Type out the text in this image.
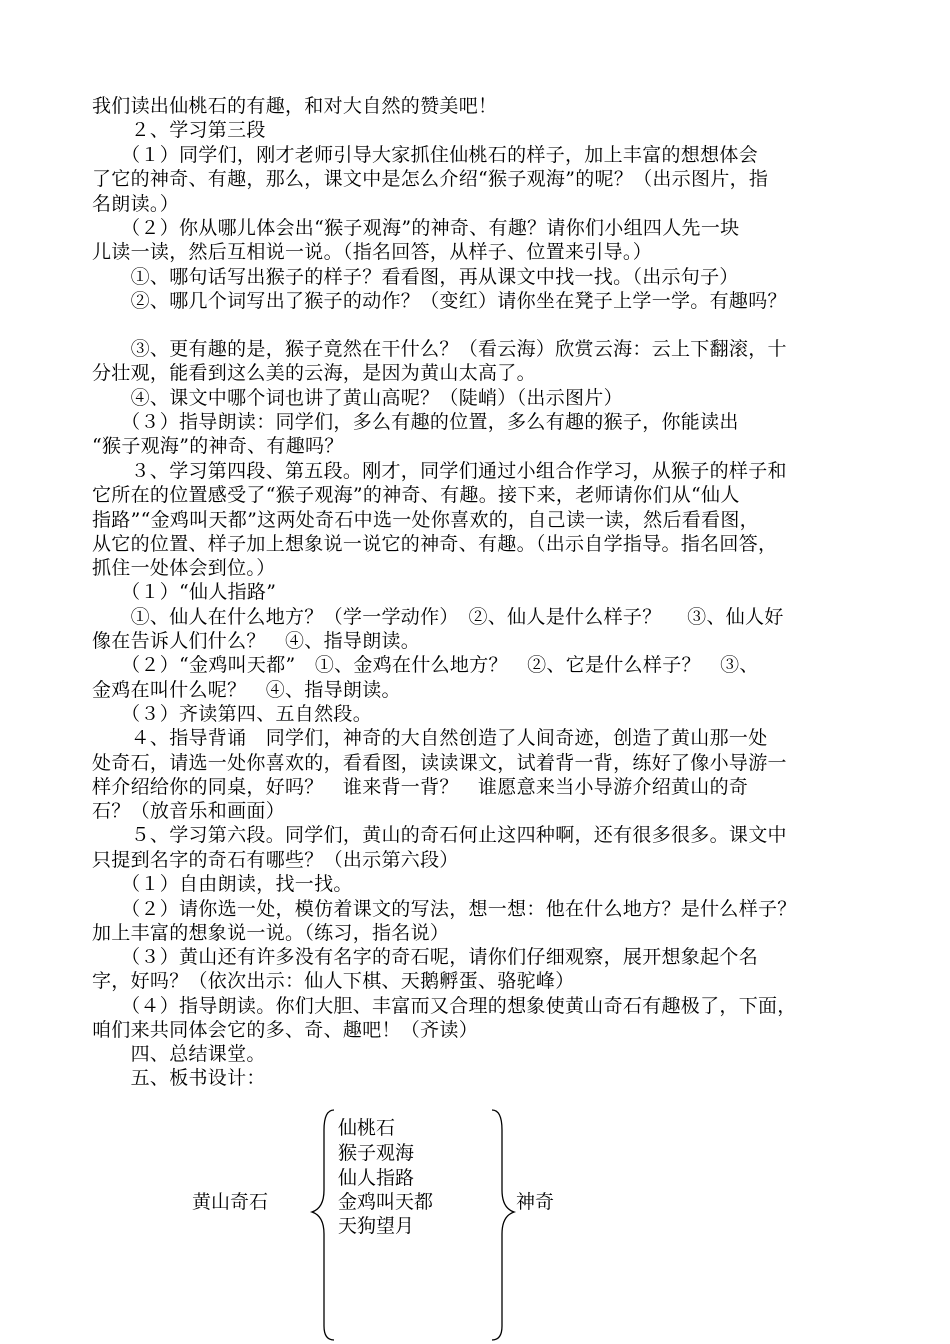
我们读出仙桃石的有趣，和对大自然的赞美吧！
　　２、学习第三段
　　（１）同学们，刚才老师引导大家抓住仙桃石的样子，加上丰富的想想体会
了它的神奇、有趣，那么，课文中是怎么介绍“猴子观海”的呢？（出示图片，指
名朗读。）
　　（２）你从哪儿体会出“猴子观海”的神奇、有趣？请你们小组四人先一块
儿读一读，然后互相说一说。（指名回答，从样子、位置来引导。）
　　①、哪句话写出猴子的样子？看看图，再从课文中找一找。（出示句子）
　　②、哪几个词写出了猴子的动作？（变红）请你坐在凳子上学一学。有趣吗？
　　③、更有趣的是，猴子竟然在干什么？（看云海）欣赏云海：云上下翻滚，十
分壮观，能看到这么美的云海，是因为黄山太高了。
　　④、课文中哪个词也讲了黄山高呢？（陡峭）（出示图片）
　　（３）指导朗读：同学们，多么有趣的位置，多么有趣的猴子，你能读出
“猴子观海”的神奇、有趣吗？
　　３、学习第四段、第五段。刚才，同学们通过小组合作学习，从猴子的样子和
它所在的位置感受了“猴子观海”的神奇、有趣。接下来，老师请你们从“仙人
指路”“金鸡叫天都”这两处奇石中选一处你喜欢的，自己读一读，然后看看图，
从它的位置、样子加上想象说一说它的神奇、有趣。（出示自学指导。指名回答，
抓住一处体会到位。）
　　（１）“仙人指路”
　　①、仙人在什么地方？（学一学动作）　②、仙人是什么样子？　 ③、仙人好
像在告诉人们什么？　④、指导朗读。
　　（２）“金鸡叫天都”　①、金鸡在什么地方？　②、它是什么样子？　③、
金鸡在叫什么呢？　④、指导朗读。
　　（３）齐读第四、五自然段。
　　４、指导背诵　同学们，神奇的大自然创造了人间奇迹，创造了黄山那一处
处奇石，请选一处你喜欢的，看看图，读读课文，试着背一背，练好了像小导游一
样介绍给你的同桌，好吗？　谁来背一背？　谁愿意来当小导游介绍黄山的奇
石？（放音乐和画面）
　　５、学习第六段。同学们，黄山的奇石何止这四种啊，还有很多很多。课文中
只提到名字的奇石有哪些？（出示第六段）
　　（１）自由朗读，找一找。
　　（２）请你选一处，模仿着课文的写法，想一想：他在什么地方？是什么样子？
加上丰富的想象说一说。（练习，指名说）
　　（３）黄山还有许多没有名字的奇石呢，请你们仔细观察，展开想象起个名
字，好吗？（依次出示：仙人下棋、天鹅孵蛋、骆驼峰）
　　（４）指导朗读。你们大胆、丰富而又合理的想象使黄山奇石有趣极了，下面，
咱们来共同体会它的多、奇、趣吧！（齐读）
　　四、总结课堂。
　　五、板书设计：
黄山奇石
仙桃石
猴子观海
仙人指路
金鸡叫天都
天狗望月
神奇
